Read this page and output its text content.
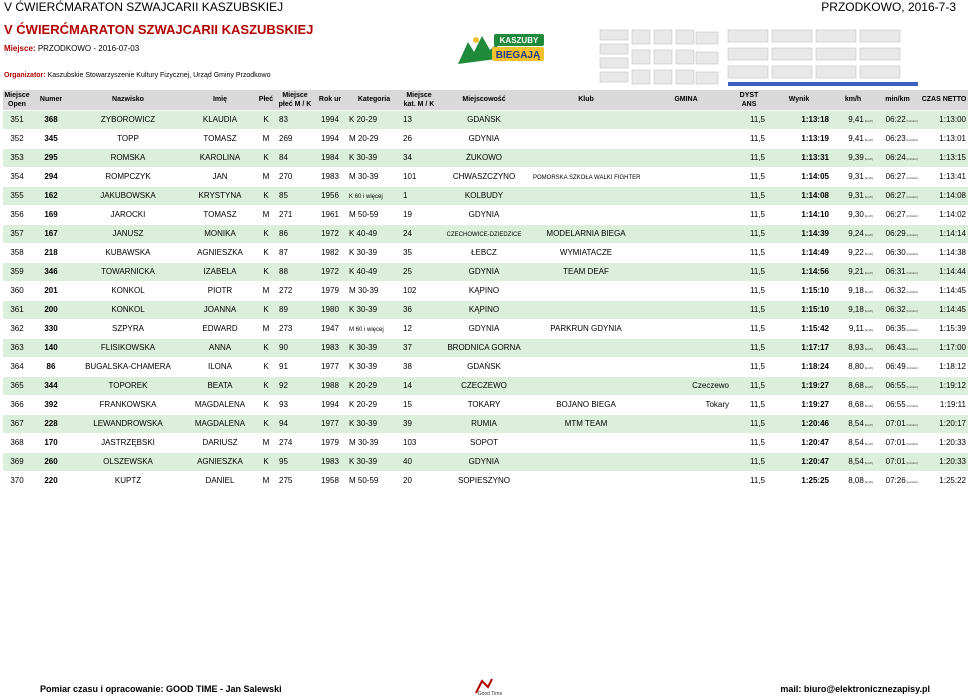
V ĆWIERĆMARATON SZWAJCARII KASZUBSKIEJ	PRZODKOWO, 2016-7-3
V ĆWIERĆMARATON SZWAJCARII KASZUBSKIEJ
Miejsce: PRZODKOWO - 2016-07-03
Organizator: Kaszubskie Stowarzyszenie Kultury Fizycznej, Urząd Gminy Przodkowo
KASZUBY
BIEGAJĄ
Miejsce Open	Numer	Nazwisko	Imię	Płeć	Miejsce płeć M / K	Rok ur	Kategoria	Miejsce kat. M / K	Miejscowość	Klub	GMINA	DYST ANS	Wynik	km/h	min/km	CZAS NETTO
351	368	ZYBOROWICZ	KLAUDIA	K	83	1994	K 20-29	13	GDAŃSK			11,5	1:13:18	9,41[km/h]	06:22[min/km]	1:13:00
352	345	TOPP	TOMASZ	M	269	1994	M 20-29	26	GDYNIA			11,5	1:13:19	9,41[km/h]	06:23[min/km]	1:13:01
353	295	ROMSKA	KAROLINA	K	84	1984	K 30-39	34	ŻUKOWO			11,5	1:13:31	9,39[km/h]	06:24[min/km]	1:13:15
354	294	ROMPCZYK	JAN	M	270	1983	M 30-39	101	CHWASZCZYNO	POMORSKA SZKOŁA WALKI FIGHTER		11,5	1:14:05	9,31[km/h]	06:27[min/km]	1:13:41
355	162	JAKUBOWSKA	KRYSTYNA	K	85	1956	K 60 i więcej	1	KOLBUDY			11,5	1:14:08	9,31[km/h]	06:27[min/km]	1:14:08
356	169	JAROCKI	TOMASZ	M	271	1961	M 50-59	19	GDYNIA			11,5	1:14:10	9,30[km/h]	06:27[min/km]	1:14:02
357	167	JANUSZ	MONIKA	K	86	1972	K 40-49	24	CZECHOWICE-DZIEDZICE	MODELARNIA BIEGA		11,5	1:14:39	9,24[km/h]	06:29[min/km]	1:14:14
358	218	KUBAWSKA	AGNIESZKA	K	87	1982	K 30-39	35	ŁEBCZ	WYMIATACZE		11,5	1:14:49	9,22[km/h]	06:30[min/km]	1:14:38
359	346	TOWARNICKA	IZABELA	K	88	1972	K 40-49	25	GDYNIA	TEAM DEAF		11,5	1:14:56	9,21[km/h]	06:31[min/km]	1:14:44
360	201	KONKOL	PIOTR	M	272	1979	M 30-39	102	KĄPINO			11,5	1:15:10	9,18[km/h]	06:32[min/km]	1:14:45
361	200	KONKOL	JOANNA	K	89	1980	K 30-39	36	KĄPINO			11,5	1:15:10	9,18[km/h]	06:32[min/km]	1:14:45
362	330	SZPYRA	EDWARD	M	273	1947	M 60 i więcej	12	GDYNIA	PARKRUN GDYNIA		11,5	1:15:42	9,11[km/h]	06:35[min/km]	1:15:39
363	140	FLISIKOWSKA	ANNA	K	90	1983	K 30-39	37	BRODNICA GORNA			11,5	1:17:17	8,93[km/h]	06:43[min/km]	1:17:00
364	86	BUGALSKA-CHAMERA	ILONA	K	91	1977	K 30-39	38	GDAŃSK			11,5	1:18:24	8,80[km/h]	06:49[min/km]	1:18:12
365	344	TOPOREK	BEATA	K	92	1988	K 20-29	14	CZECZEWO		Czeczewo	11,5	1:19:27	8,68[km/h]	06:55[min/km]	1:19:12
366	392	FRANKOWSKA	MAGDALENA	K	93	1994	K 20-29	15	TOKARY	BOJANO BIEGA	Tokary	11,5	1:19:27	8,68[km/h]	06:55[min/km]	1:19:11
367	228	LEWANDROWSKA	MAGDALENA	K	94	1977	K 30-39	39	RUMIA	MTM TEAM		11,5	1:20:46	8,54[km/h]	07:01[min/km]	1:20:17
368	170	JASTRZĘBSKI	DARIUSZ	M	274	1979	M 30-39	103	SOPOT			11,5	1:20:47	8,54[km/h]	07:01[min/km]	1:20:33
369	260	OLSZEWSKA	AGNIESZKA	K	95	1983	K 30-39	40	GDYNIA			11,5	1:20:47	8,54[km/h]	07:01[min/km]	1:20:33
370	220	KUPTZ	DANIEL	M	275	1958	M 50-59	20	SOPIESZYNO			11,5	1:25:25	8,08[km/h]	07:26[min/km]	1:25:22
Pomiar czasu i opracowanie: GOOD TIME - Jan Salewski	Good Time	mail: biuro@elektronicznezapisy.pl
